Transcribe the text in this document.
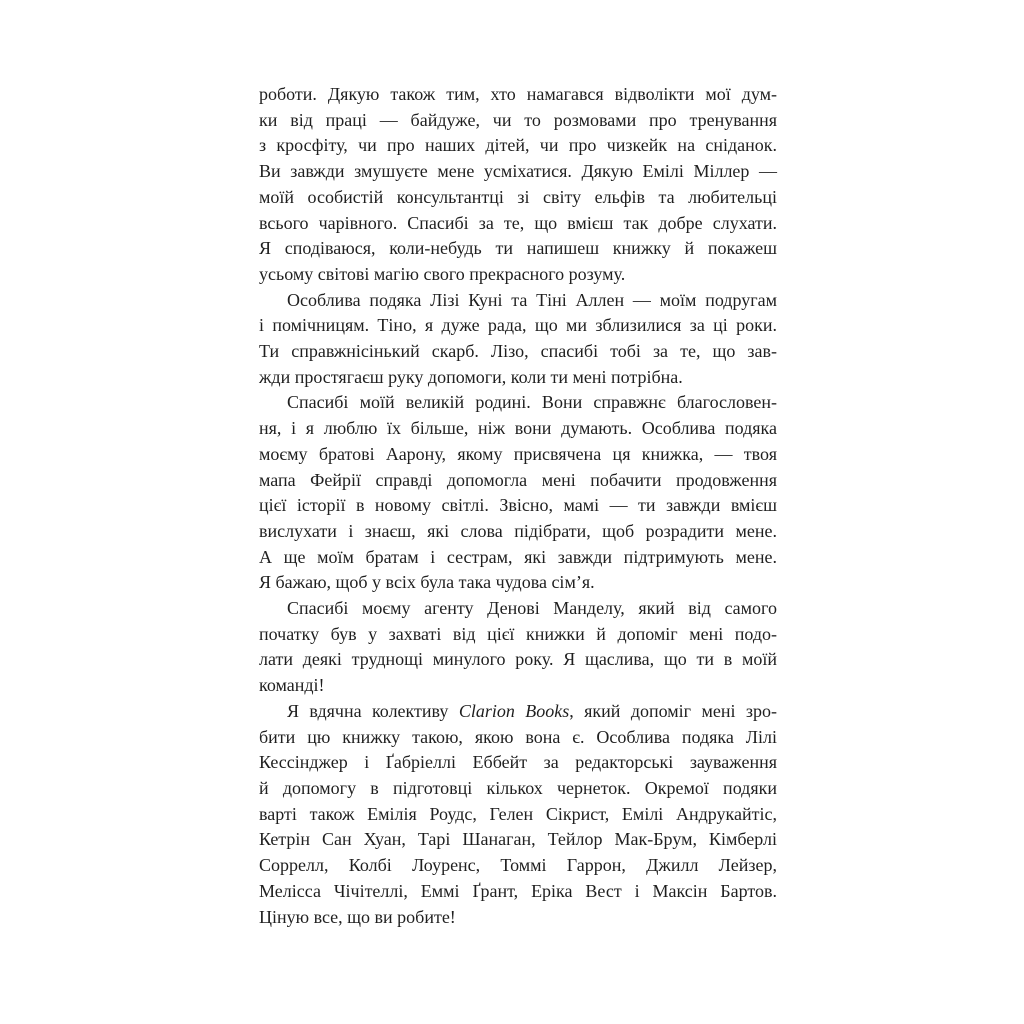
роботи. Дякую також тим, хто намагався відволікти мої дум-
ки від праці — байдуже, чи то розмовами про тренування
з кросфіту, чи про наших дітей, чи про чизкейк на сніданок.
Ви завжди змушуєте мене усміхатися. Дякую Емілі Міллер —
моїй особистій консультантці зі світу ельфів та любительці
всього чарівного. Спасибі за те, що вмієш так добре слухати.
Я сподіваюся, коли-небудь ти напишеш книжку й покажеш
усьому світові магію свого прекрасного розуму.
Особлива подяка Лізі Куні та Тіні Аллен — моїм подругам
і помічницям. Тіно, я дуже рада, що ми зблизилися за ці роки.
Ти справжнісінький скарб. Лізо, спасибі тобі за те, що зав-
жди простягаєш руку допомоги, коли ти мені потрібна.
Спасибі моїй великій родині. Вони справжнє благословен-
ня, і я люблю їх більше, ніж вони думають. Особлива подяка
моєму братові Аарону, якому присвячена ця книжка, — твоя
мапа Фейрії справді допомогла мені побачити продовження
цієї історії в новому світлі. Звісно, мамі — ти завжди вмієш
вислухати і знаєш, які слова підібрати, щоб розрадити мене.
А ще моїм братам і сестрам, які завжди підтримують мене.
Я бажаю, щоб у всіх була така чудова сім’я.
Спасибі моєму агенту Денові Манделу, який від самого
початку був у захваті від цієї книжки й допоміг мені подо-
лати деякі труднощі минулого року. Я щаслива, що ти в моїй
команді!
Я вдячна колективу Clarion Books, який допоміг мені зро-
бити цю книжку такою, якою вона є. Особлива подяка Лілі
Кессінджер і Ґабріеллі Еббейт за редакторські зауваження
й допомогу в підготовці кількох чернеток. Окремої подяки
варті також Емілія Роудс, Гелен Сікрист, Емілі Андрукайтіс,
Кетрін Сан Хуан, Тарі Шанаган, Тейлор Мак-Брум, Кімберлі
Соррелл, Колбі Лоуренс, Томмі Гаррон, Джилл Лейзер,
Мелісса Чічітеллі, Еммі Ґрант, Еріка Вест і Максін Бартов.
Ціную все, що ви робите!
